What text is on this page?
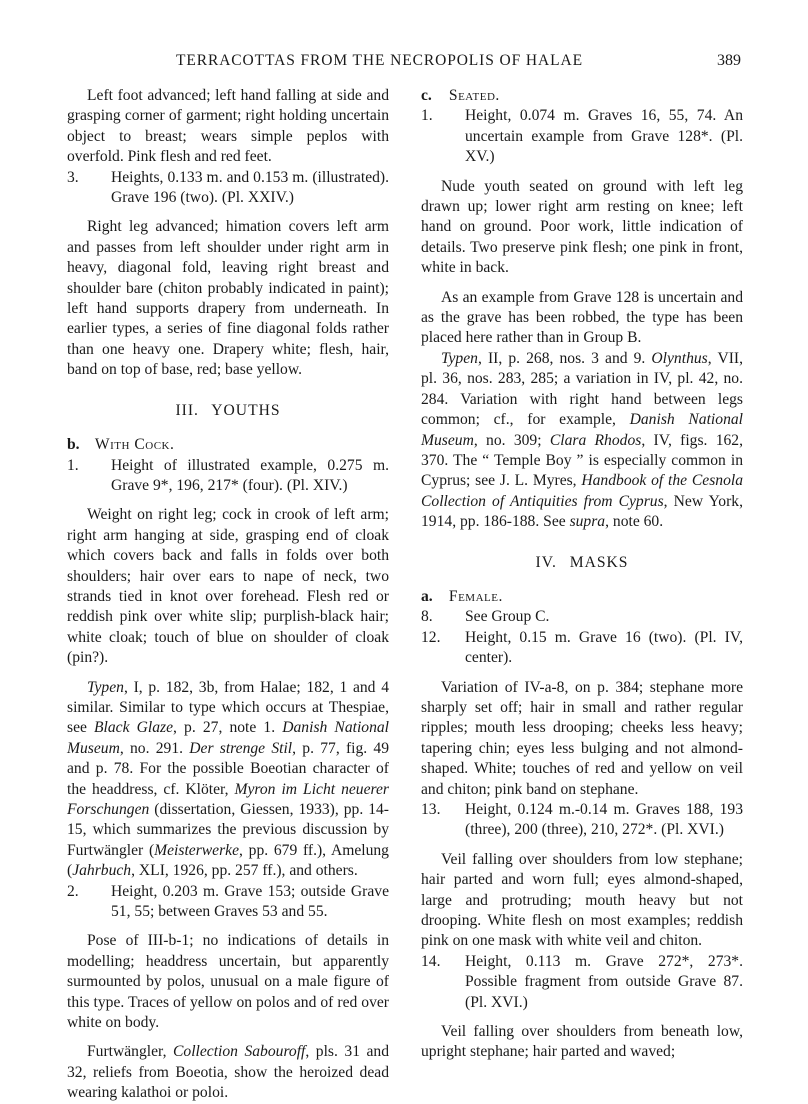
TERRACOTTAS FROM THE NECROPOLIS OF HALAE	389

Left foot advanced; left hand falling at side and grasping corner of garment; right holding uncertain object to breast; wears simple peplos with overfold. Pink flesh and red feet.

3. Heights, 0.133 m. and 0.153 m. (illustrated). Grave 196 (two). (Pl. XXIV.)

Right leg advanced; himation covers left arm and passes from left shoulder under right arm in heavy, diagonal fold, leaving right breast and shoulder bare (chiton probably indicated in paint); left hand supports drapery from underneath. In earlier types, a series of fine diagonal folds rather than one heavy one. Drapery white; flesh, hair, band on top of base, red; base yellow.

III. YOUTHS
b. With Cock.
1. Height of illustrated example, 0.275 m. Grave 9*, 196, 217* (four). (Pl. XIV.)

Weight on right leg; cock in crook of left arm; right arm hanging at side, grasping end of cloak which covers back and falls in folds over both shoulders; hair over ears to nape of neck, two strands tied in knot over forehead. Flesh red or reddish pink over white slip; purplish-black hair; white cloak; touch of blue on shoulder of cloak (pin?).

Typen, I, p. 182, 3b, from Halae; 182, 1 and 4 similar. Similar to type which occurs at Thespiae, see Black Glaze, p. 27, note 1. Danish National Museum, no. 291. Der strenge Stil, p. 77, fig. 49 and p. 78. For the possible Boeotian character of the headdress, cf. Klöter, Myron im Licht neuerer Forschungen (dissertation, Giessen, 1933), pp. 14-15, which summarizes the previous discussion by Furtwängler (Meisterwerke, pp. 679 ff.), Amelung (Jahrbuch, XLI, 1926, pp. 257 ff.), and others.

2. Height, 0.203 m. Grave 153; outside Grave 51, 55; between Graves 53 and 55.

Pose of III-b-1; no indications of details in modelling; headdress uncertain, but apparently surmounted by polos, unusual on a male figure of this type. Traces of yellow on polos and of red over white on body.

Furtwängler, Collection Sabouroff, pls. 31 and 32, reliefs from Boeotia, show the heroized dead wearing kalathoi or poloi.

c. Seated.
1. Height, 0.074 m. Graves 16, 55, 74. An uncertain example from Grave 128*. (Pl. XV.)

Nude youth seated on ground with left leg drawn up; lower right arm resting on knee; left hand on ground. Poor work, little indication of details. Two preserve pink flesh; one pink in front, white in back.

As an example from Grave 128 is uncertain and as the grave has been robbed, the type has been placed here rather than in Group B.

Typen, II, p. 268, nos. 3 and 9. Olynthus, VII, pl. 36, nos. 283, 285; a variation in IV, pl. 42, no. 284. Variation with right hand between legs common; cf., for example, Danish National Museum, no. 309; Clara Rhodos, IV, figs. 162, 370. The “ Temple Boy ” is especially common in Cyprus; see J. L. Myres, Handbook of the Cesnola Collection of Antiquities from Cyprus, New York, 1914, pp. 186-188. See supra, note 60.

IV. MASKS
a. Female.
8. See Group C.
12. Height, 0.15 m. Grave 16 (two). (Pl. IV, center).

Variation of IV-a-8, on p. 384; stephane more sharply set off; hair in small and rather regular ripples; mouth less drooping; cheeks less heavy; tapering chin; eyes less bulging and not almond-shaped. White; touches of red and yellow on veil and chiton; pink band on stephane.

13. Height, 0.124 m.-0.14 m. Graves 188, 193 (three), 200 (three), 210, 272*. (Pl. XVI.)

Veil falling over shoulders from low stephane; hair parted and worn full; eyes almond-shaped, large and protruding; mouth heavy but not drooping. White flesh on most examples; reddish pink on one mask with white veil and chiton.

14. Height, 0.113 m. Grave 272*, 273*. Possible fragment from outside Grave 87. (Pl. XVI.)

Veil falling over shoulders from beneath low, upright stephane; hair parted and waved;
